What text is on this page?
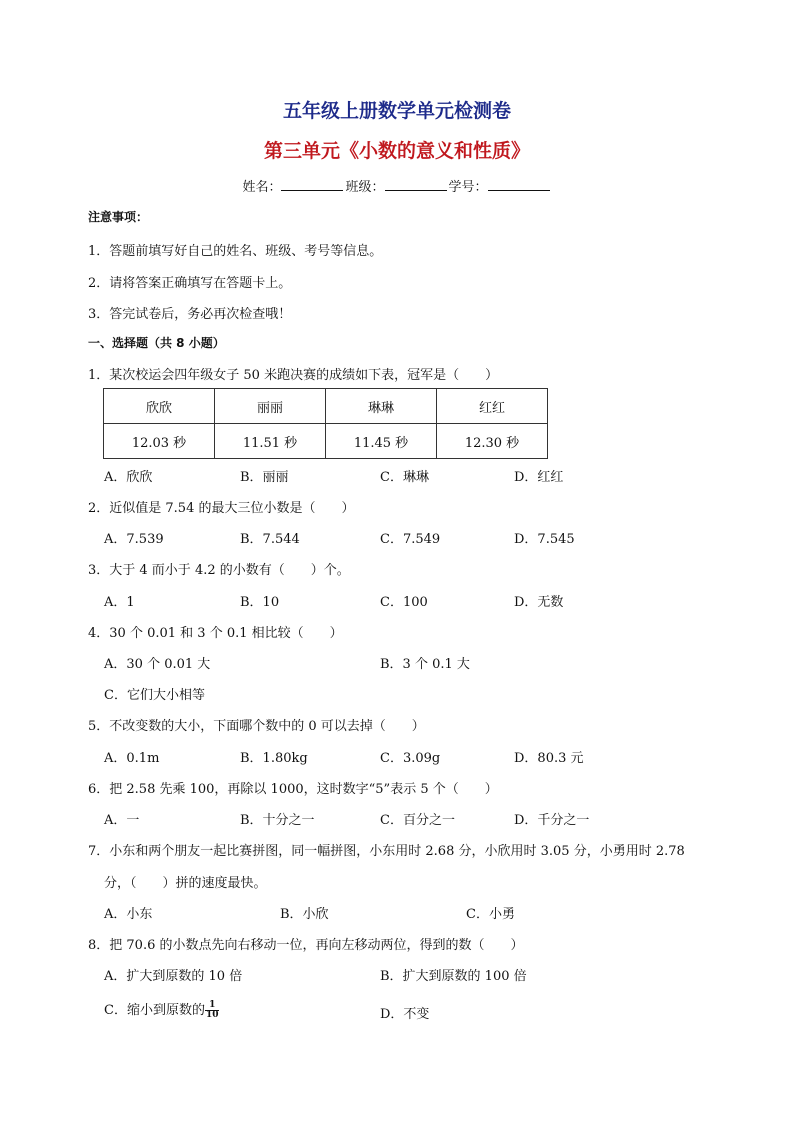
五年级上册数学单元检测卷
第三单元《小数的意义和性质》
姓名：	班级：	学号：
注意事项：
1．答题前填写好自己的姓名、班级、考号等信息。
2．请将答案正确填写在答题卡上。
3．答完试卷后，务必再次检查哦！
一、选择题（共 8 小题）
1．某次校运会四年级女子 50 米跑决赛的成绩如下表，冠军是（　　）
欣欣	丽丽	琳琳	红红
12.03 秒	11.51 秒	11.45 秒	12.30 秒
A．欣欣	B．丽丽	C．琳琳	D．红红
2．近似值是 7.54 的最大三位小数是（　　）
A．7.539	B．7.544	C．7.549	D．7.545
3．大于 4 而小于 4.2 的小数有（　　）个。
A．1	B．10	C．100	D．无数
4．30 个 0.01 和 3 个 0.1 相比较（　　）
A．30 个 0.01 大	B．3 个 0.1 大
C．它们大小相等
5．不改变数的大小，下面哪个数中的 0 可以去掉（　　）
A．0.1m	B．1.80kg	C．3.09g	D．80.3 元
6．把 2.58 先乘 100，再除以 1000，这时数字“5”表示 5 个（　　）
A．一	B．十分之一	C．百分之一	D．千分之一
7．小东和两个朋友一起比赛拼图，同一幅拼图，小东用时 2.68 分，小欣用时 3.05 分，小勇用时 2.78
分，（　　）拼的速度最快。
A．小东	B．小欣	C．小勇
8．把 70.6 的小数点先向右移动一位，再向左移动两位，得到的数（　　）
A．扩大到原数的 10 倍	B．扩大到原数的 100 倍
C．缩小到原数的 $\frac{1}{10}$	D．不变
